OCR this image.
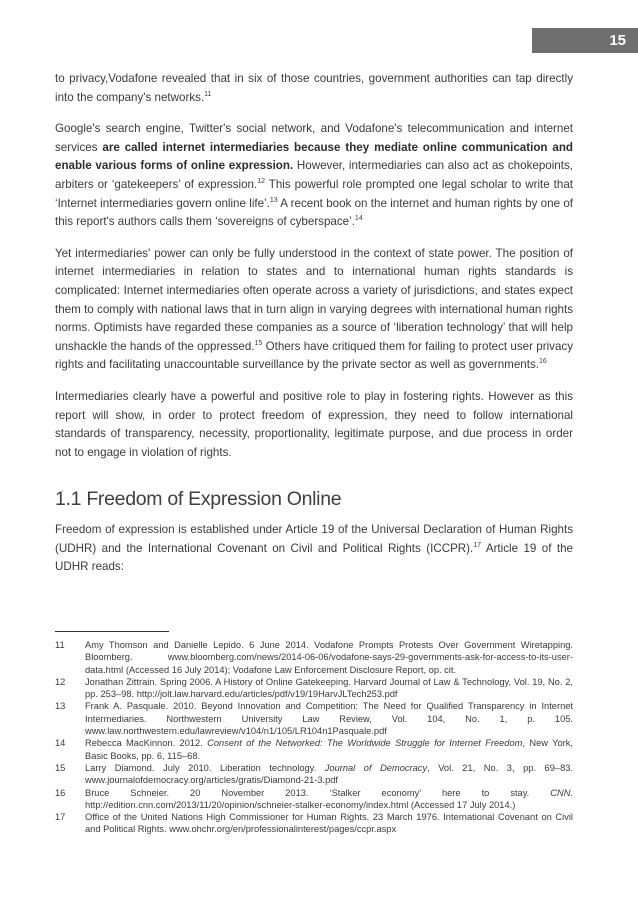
15

to privacy,Vodafone revealed that in six of those countries, government authorities can tap directly into the company's networks.$^{11}$

Google's search engine, Twitter's social network, and Vodafone's telecommunication and internet services are called internet intermediaries because they mediate online communication and enable various forms of online expression. However, intermediaries can also act as chokepoints, arbiters or ‘gatekeepers’ of expression.$^{12}$ This powerful role prompted one legal scholar to write that ‘Internet intermediaries govern online life’.$^{13}$ A recent book on the internet and human rights by one of this report's authors calls them ‘sovereigns of cyberspace’.$^{14}$

Yet intermediaries' power can only be fully understood in the context of state power. The position of internet intermediaries in relation to states and to international human rights standards is complicated: Internet intermediaries often operate across a variety of jurisdictions, and states expect them to comply with national laws that in turn align in varying degrees with international human rights norms. Optimists have regarded these companies as a source of ‘liberation technology’ that will help unshackle the hands of the oppressed.$^{15}$ Others have critiqued them for failing to protect user privacy rights and facilitating unaccountable surveillance by the private sector as well as governments.$^{16}$

Intermediaries clearly have a powerful and positive role to play in fostering rights. However as this report will show, in order to protect freedom of expression, they need to follow international standards of transparency, necessity, proportionality, legitimate purpose, and due process in order not to engage in violation of rights.

1.1 Freedom of Expression Online

Freedom of expression is established under Article 19 of the Universal Declaration of Human Rights (UDHR) and the International Covenant on Civil and Political Rights (ICCPR).$^{17}$ Article 19 of the UDHR reads:

11	Amy Thomson and Danielle Lepido. 6 June 2014. Vodafone Prompts Protests Over Government Wiretapping. Bloomberg. www.bloomberg.com/news/2014-06-06/vodafone-says-29-governments-ask-for-access-to-its-user-data.html (Accessed 16 July 2014); Vodafone Law Enforcement Disclosure Report, op. cit.
12	Jonathan Zittrain. Spring 2006. A History of Online Gatekeeping. Harvard Journal of Law & Technology, Vol. 19, No. 2, pp. 253–98. http://jolt.law.harvard.edu/articles/pdf/v19/19HarvJLTech253.pdf
13	Frank A. Pasquale. 2010. Beyond Innovation and Competition: The Need for Qualified Transparency in Internet Intermediaries. Northwestern University Law Review, Vol. 104, No. 1, p. 105. www.law.northwestern.edu/lawreview/v104/n1/105/LR104n1Pasquale.pdf
14	Rebecca MacKinnon. 2012. Consent of the Networked: The Worldwide Struggle for Internet Freedom, New York, Basic Books, pp. 6, 115–68.
15	Larry Diamond. July 2010. Liberation technology. Journal of Democracy, Vol. 21, No. 3, pp. 69–83. www.journalofdemocracy.org/articles/gratis/Diamond-21-3.pdf
16	Bruce Schneier. 20 November 2013. ‘Stalker economy’ here to stay. CNN. http://edition.cnn.com/2013/11/20/opinion/schneier-stalker-economy/index.html (Accessed 17 July 2014.)
17	Office of the United Nations High Commissioner for Human Rights. 23 March 1976. International Covenant on Civil and Political Rights. www.ohchr.org/en/professionalinterest/pages/ccpr.aspx
